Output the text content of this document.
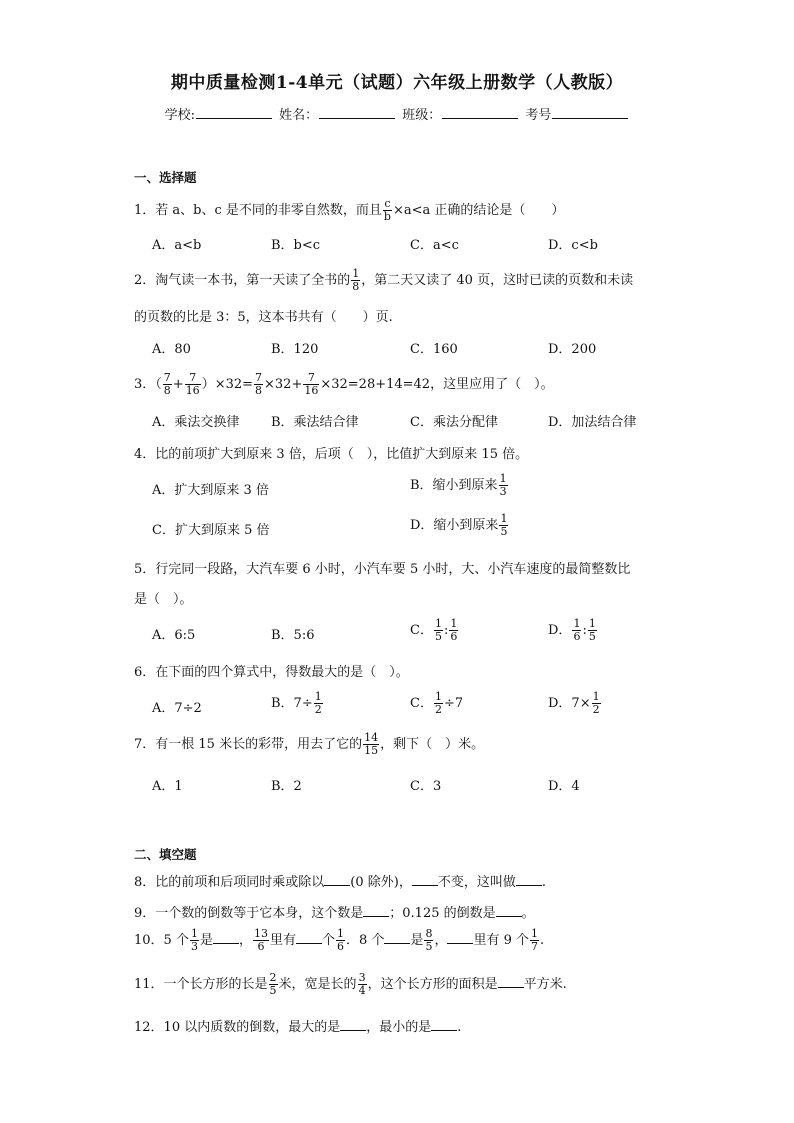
期中质量检测1-4单元（试题）六年级上册数学（人教版）
学校:	姓名：	班级：	考号
一、选择题
1．若 a、b、c 是不同的非零自然数，而且 $\frac{c}{b} \times a<a$ 正确的结论是（　　）
A．a<b	B．b<c	C．a<c	D．c<b
2．淘气读一本书，第一天读了全书的 $\frac{1}{8}$ ，第二天又读了 40 页，这时已读的页数和未读
的页数的比是 3：5，这本书共有（　　）页.
A．80	B．120	C．160	D．200
3．（ $\frac{7}{8} + \frac{7}{16} )\times 32= \frac{7}{8} \times 32+ \frac{7}{16} \times 32=28+14=42$，这里应用了（　）。
A．乘法交换律 B．乘法结合律	C．乘法分配律	D．加法结合律
4．比的前项扩大到原来 3 倍，后项（　），比值扩大到原来 15 倍。
A．扩大到原来 3 倍	B．缩小到原来 $\frac{1}{3}$
C．扩大到原来 5 倍	D．缩小到原来 $\frac{1}{5}$
5．行完同一段路，大汽车要 6 小时，小汽车要 5 小时，大、小汽车速度的最简整数比
是（　）。
A．6:5	B．5:6	C． $\frac{1}{5}$ : $\frac{1}{6}$	D． $\frac{1}{6}$ : $\frac{1}{5}$
6．在下面的四个算式中，得数最大的是（　）。
A．7÷2	B．$7\div \frac{1}{2}$	C． $\frac{1}{2} \div 7$	D．$7\times \frac{1}{2}$
7．有一根 15 米长的彩带，用去了它的 $\frac{14}{15}$ ，剩下（　）米。
A．1	B．2	C．3	D．4
二、填空题
8．比的前项和后项同时乘或除以 (0 除外)， 不变，这叫做 .
9．一个数的倒数等于它本身，这个数是 ；0.125 的倒数是 。
10．5 个 $\frac{1}{3}$ 是 ， $\frac{13}{6}$ 里有 个 $\frac{1}{6}$ ．8 个 是 $\frac{8}{5}$ ， 里有 9 个 $\frac{1}{7}$ .
11．一个长方形的长是 $\frac{2}{5}$ 米，宽是长的 $\frac{3}{4}$ ，这个长方形的面积是 平方米.
12．10 以内质数的倒数，最大的是 ，最小的是 .
